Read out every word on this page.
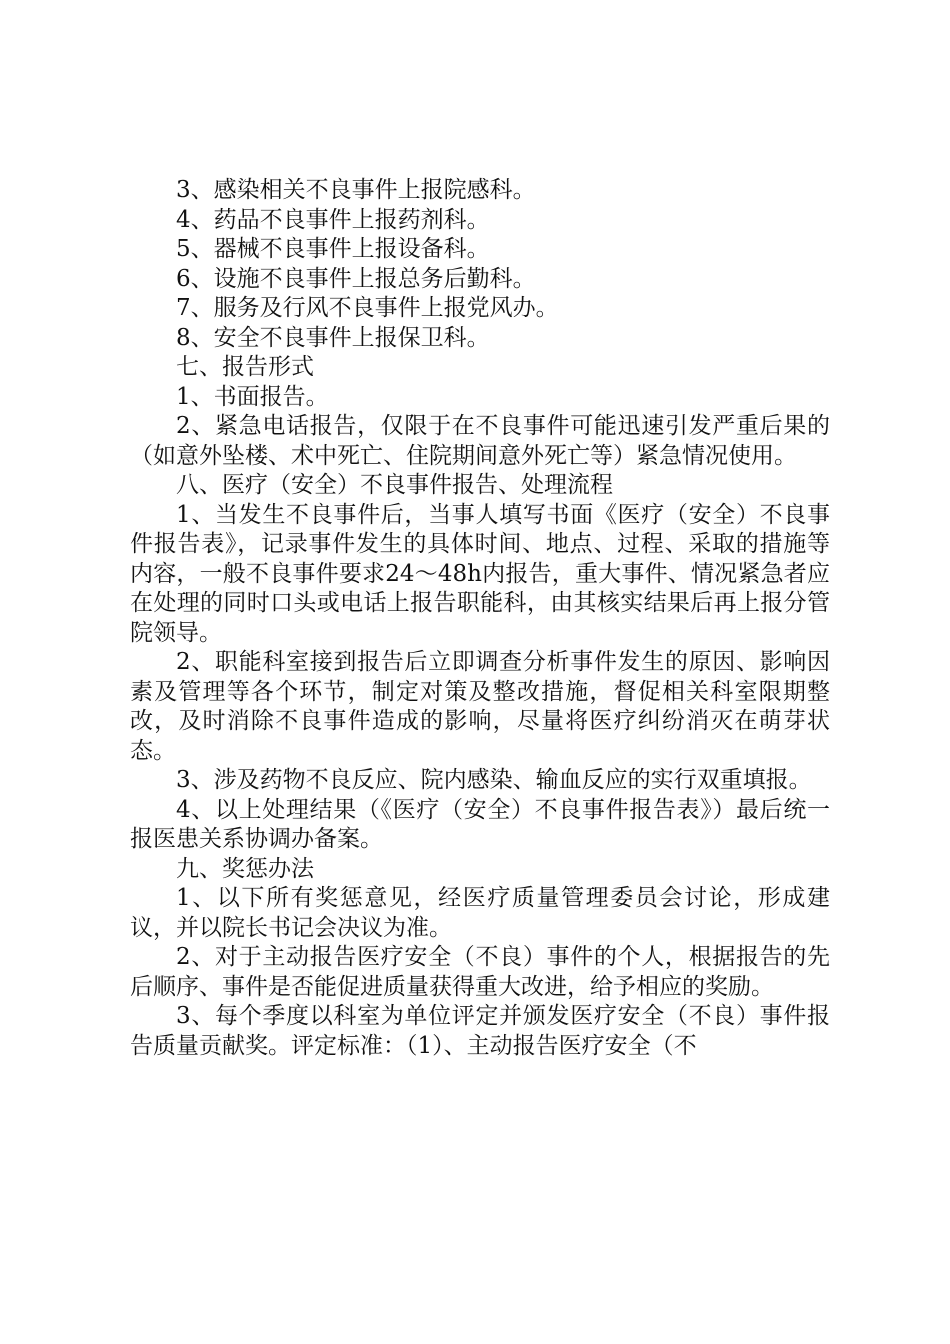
3、感染相关不良事件上报院感科。

4、药品不良事件上报药剂科。

5、器械不良事件上报设备科。

6、设施不良事件上报总务后勤科。

7、服务及行风不良事件上报党风办。

8、安全不良事件上报保卫科。

七、报告形式

1、书面报告。

2、紧急电话报告，仅限于在不良事件可能迅速引发严重后果的（如意外坠楼、术中死亡、住院期间意外死亡等）紧急情况使用。

八、医疗（安全）不良事件报告、处理流程

1、当发生不良事件后，当事人填写书面《医疗（安全）不良事件报告表》，记录事件发生的具体时间、地点、过程、采取的措施等内容，一般不良事件要求24～48h内报告，重大事件、情况紧急者应在处理的同时口头或电话上报告职能科，由其核实结果后再上报分管院领导。

2、职能科室接到报告后立即调查分析事件发生的原因、影响因素及管理等各个环节，制定对策及整改措施，督促相关科室限期整改，及时消除不良事件造成的影响，尽量将医疗纠纷消灭在萌芽状态。

3、涉及药物不良反应、院内感染、输血反应的实行双重填报。

4、以上处理结果（《医疗（安全）不良事件报告表》）最后统一报医患关系协调办备案。

九、奖惩办法

1、以下所有奖惩意见，经医疗质量管理委员会讨论，形成建议，并以院长书记会决议为准。

2、对于主动报告医疗安全（不良）事件的个人，根据报告的先后顺序、事件是否能促进质量获得重大改进，给予相应的奖励。

3、每个季度以科室为单位评定并颁发医疗安全（不良）事件报告质量贡献奖。评定标准：（1）、主动报告医疗安全（不
